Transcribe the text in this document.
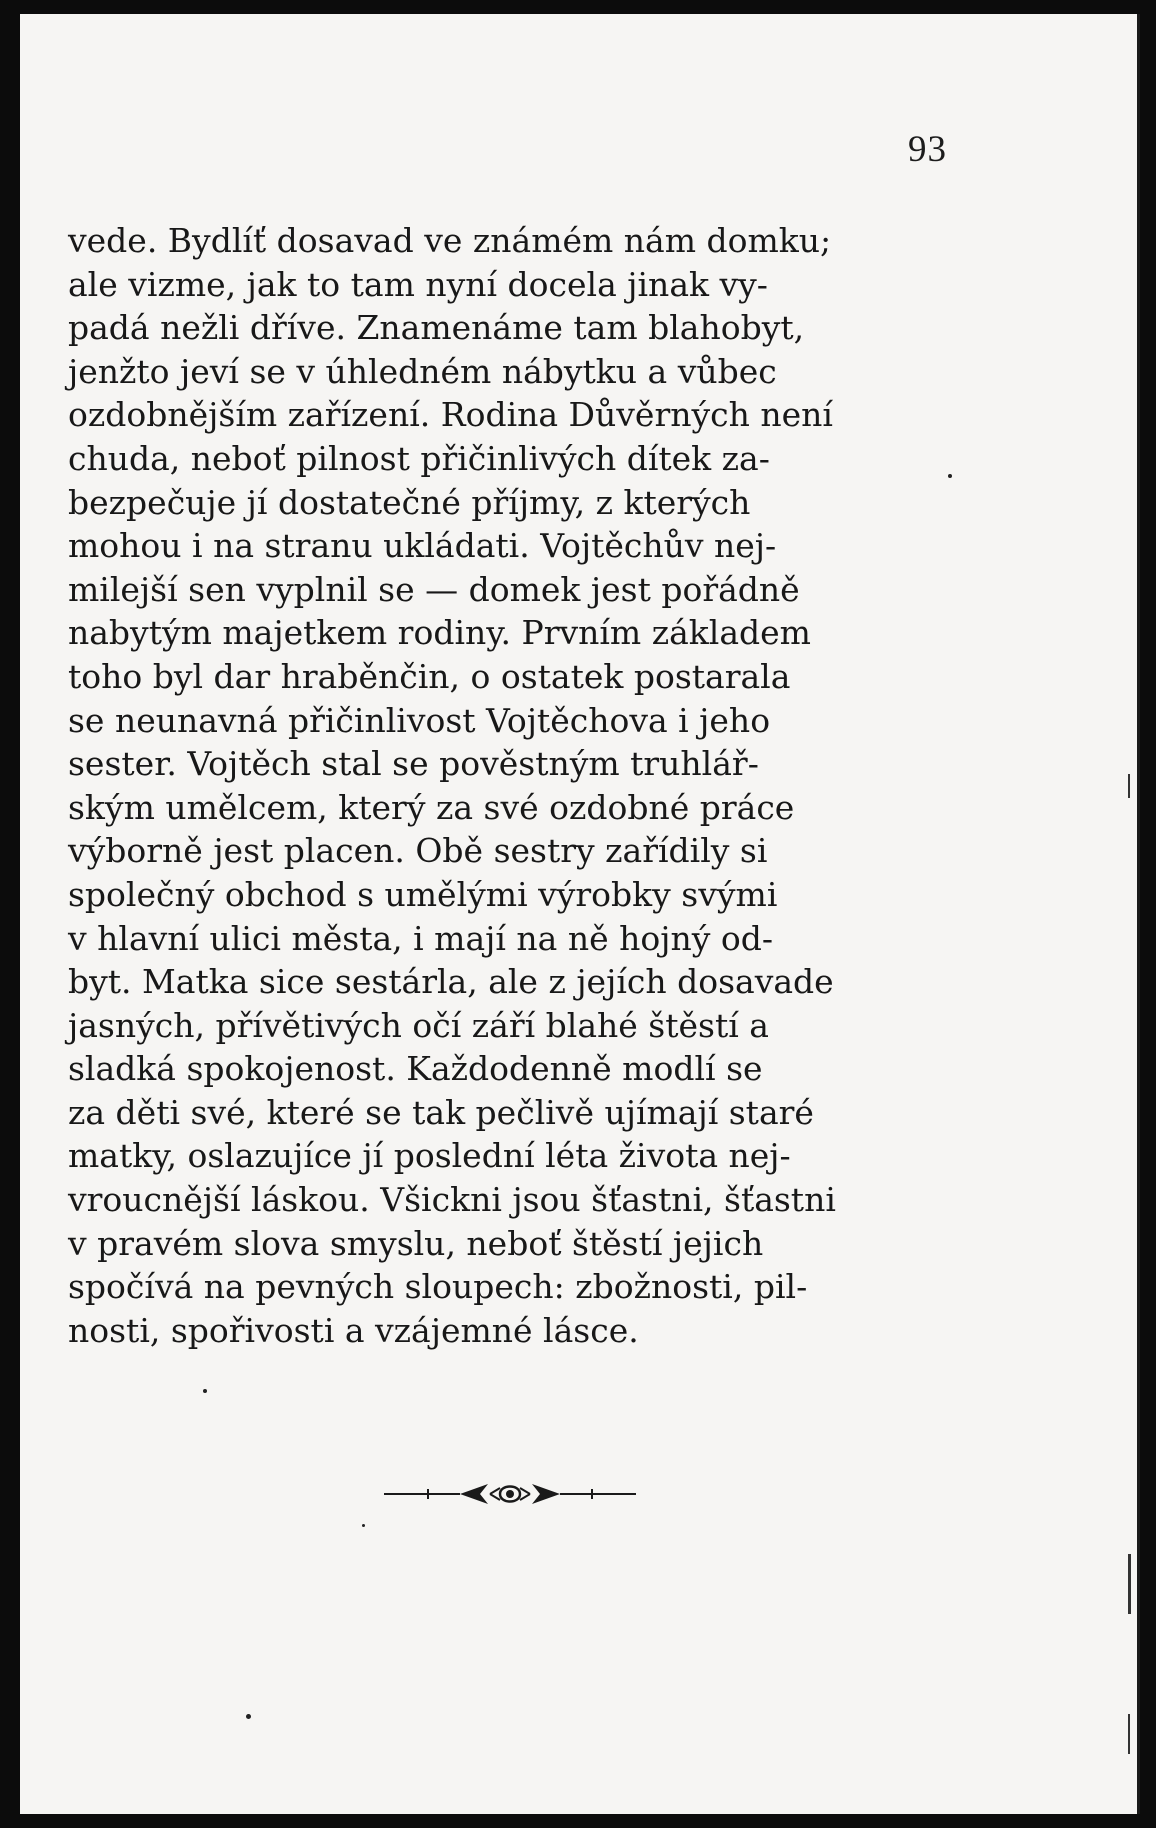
93

vede. Bydlíť dosavad ve známém nám domku;
ale vizme, jak to tam nyní docela jinak vy-
padá nežli dříve. Znamenáme tam blahobyt,
jenžto jeví se v úhledném nábytku a vůbec
ozdobnějším zařízení. Rodina Důvěrných není
chuda, neboť pilnost přičinlivých dítek za-
bezpečuje jí dostatečné příjmy, z kterých
mohou i na stranu ukládati. Vojtěchův nej-
milejší sen vyplnil se — domek jest pořádně
nabytým majetkem rodiny. Prvním základem
toho byl dar hraběnčin, o ostatek postarala
se neunavná přičinlivost Vojtěchova i jeho
sester. Vojtěch stal se pověstným truhlář-
ským umělcem, který za své ozdobné práce
výborně jest placen. Obě sestry zařídily si
společný obchod s umělými výrobky svými
v hlavní ulici města, i mají na ně hojný od-
byt. Matka sice sestárla, ale z jejích dosavade
jasných, přívětivých očí září blahé štěstí a
sladká spokojenost. Každodenně modlí se
za děti své, které se tak pečlivě ujímají staré
matky, oslazujíce jí poslední léta života nej-
vroucnější láskou. Všickni jsou šťastni, šťastni
v pravém slova smyslu, neboť štěstí jejich
spočívá na pevných sloupech: zbožnosti, pil-
nosti, spořivosti a vzájemné lásce.
